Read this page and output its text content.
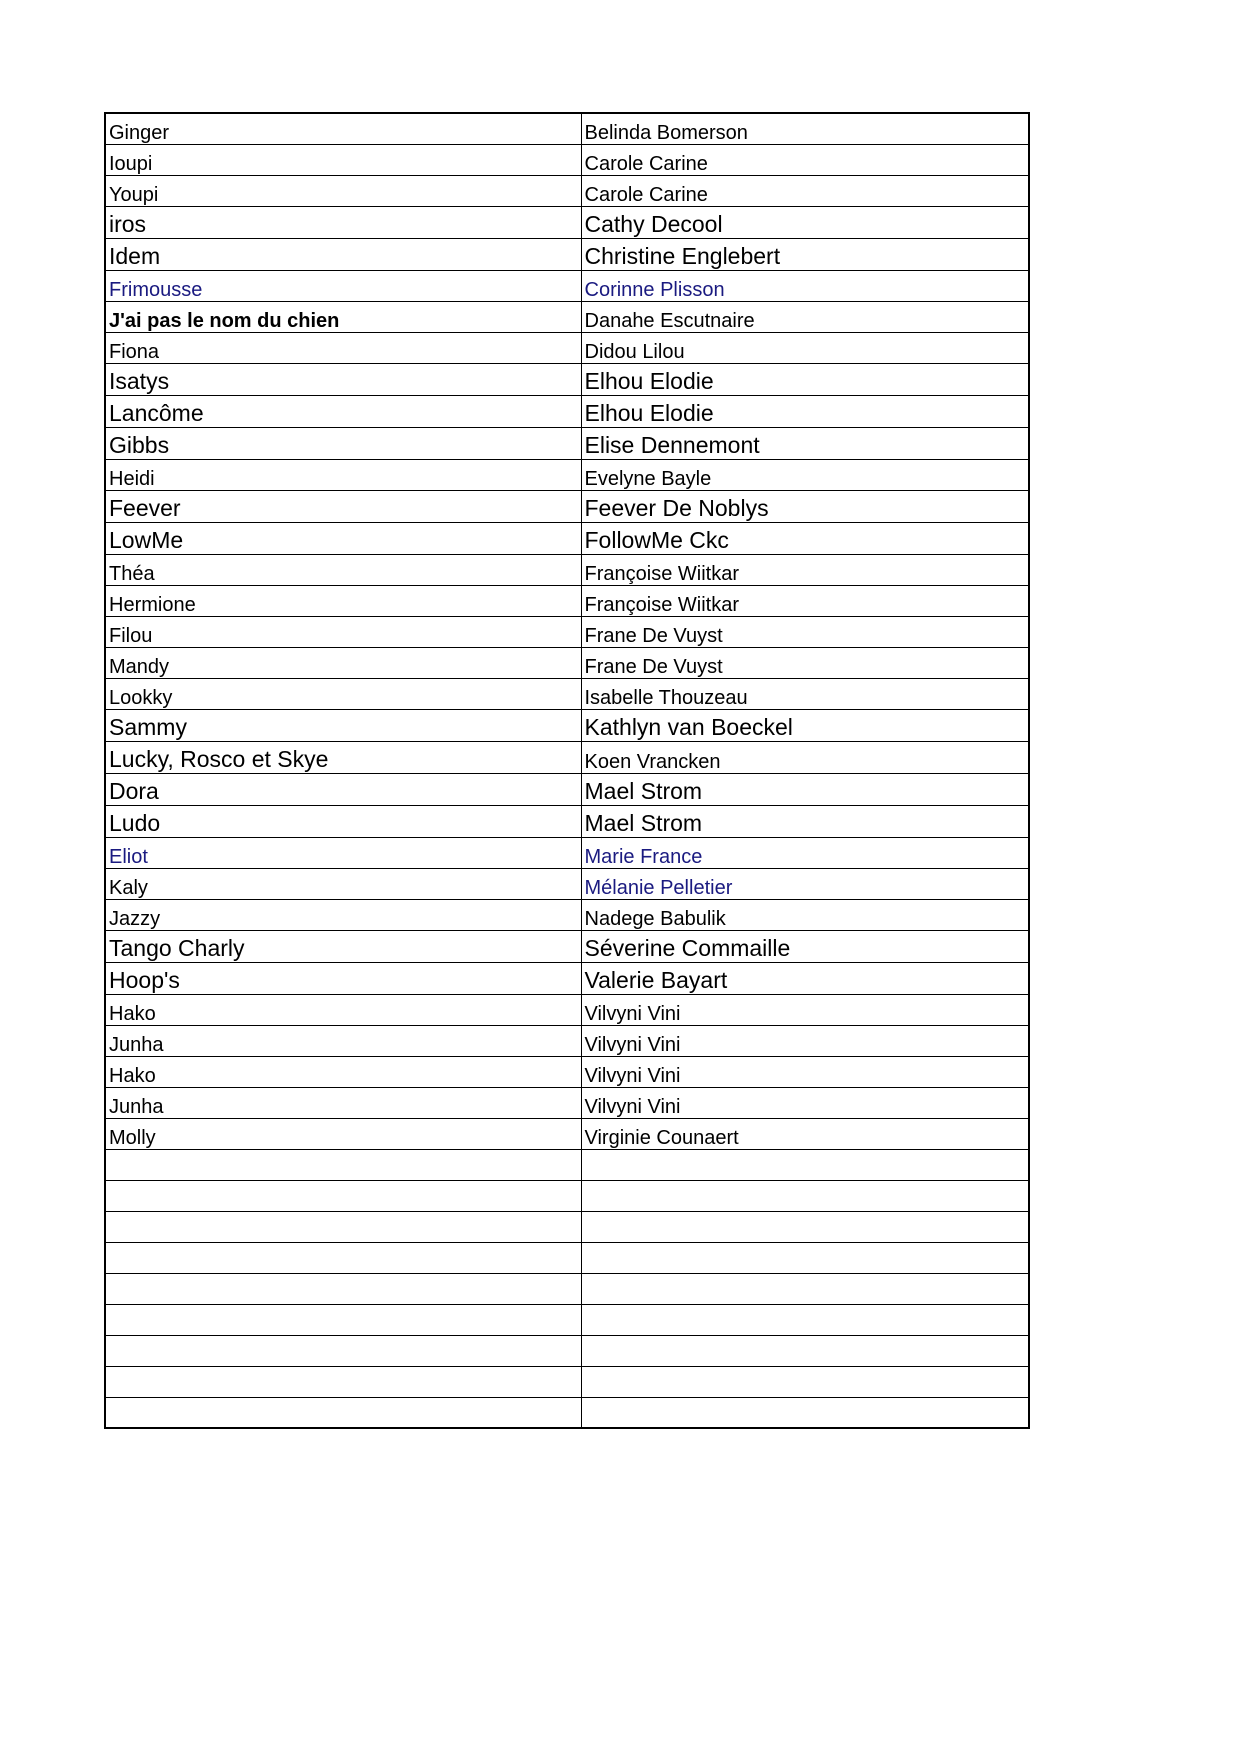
Ginger	Belinda Bomerson
Ioupi	Carole Carine
Youpi	Carole Carine
iros	Cathy Decool
Idem	Christine Englebert
Frimousse	Corinne Plisson
J'ai pas le nom du chien	Danahe Escutnaire
Fiona	Didou Lilou
Isatys	Elhou Elodie
Lancôme	Elhou Elodie
Gibbs	Elise Dennemont
Heidi	Evelyne Bayle
Feever	Feever De Noblys
LowMe	FollowMe Ckc
Théa	Françoise Wiitkar
Hermione	Françoise Wiitkar
Filou	Frane De Vuyst
Mandy	Frane De Vuyst
Lookky	Isabelle Thouzeau
Sammy	Kathlyn van Boeckel
Lucky, Rosco et Skye	Koen Vrancken
Dora	Mael Strom
Ludo	Mael Strom
Eliot	Marie France
Kaly	Mélanie Pelletier
Jazzy	Nadege Babulik
Tango Charly	Séverine Commaille
Hoop's	Valerie Bayart
Hako	Vilvyni Vini
Junha	Vilvyni Vini
Hako	Vilvyni Vini
Junha	Vilvyni Vini
Molly	Virginie Counaert
